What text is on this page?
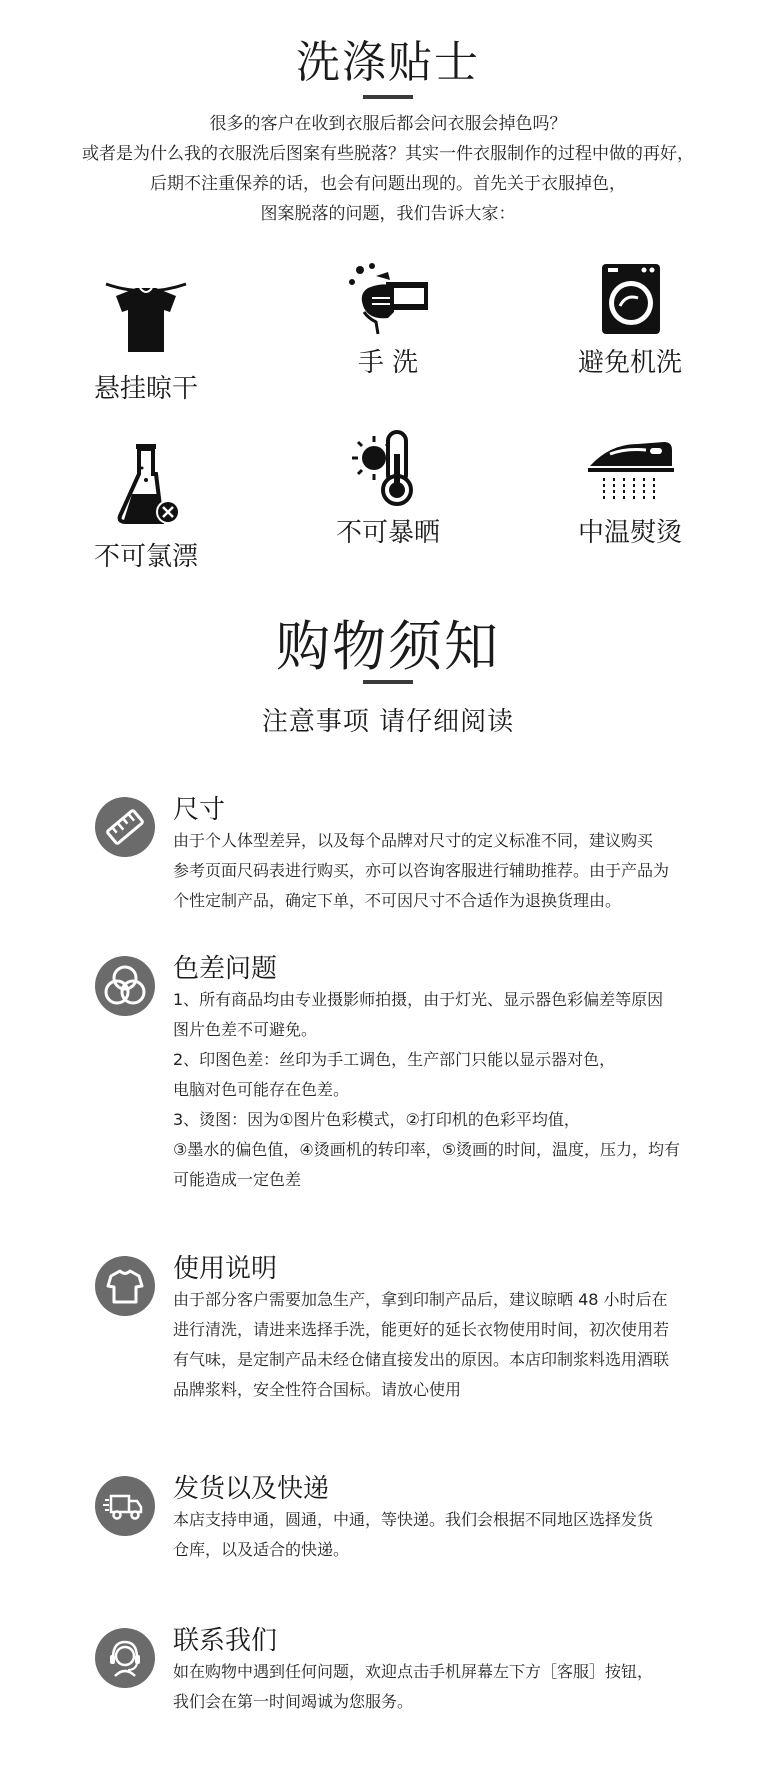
洗涤贴士
很多的客户在收到衣服后都会问衣服会掉色吗？
或者是为什么我的衣服洗后图案有些脱落？其实一件衣服制作的过程中做的再好，
后期不注重保养的话，也会有问题出现的。首先关于衣服掉色，
图案脱落的问题，我们告诉大家：
悬挂晾干
手 洗	避免机洗
不可氯漂
不可暴晒	中温熨烫
购物须知
注意事项 请仔细阅读
尺寸
由于个人体型差异，以及每个品牌对尺寸的定义标准不同，建议购买
参考页面尺码表进行购买，亦可以咨询客服进行辅助推荐。由于产品为
个性定制产品，确定下单，不可因尺寸不合适作为退换货理由。
色差问题
1、所有商品均由专业摄影师拍摄，由于灯光、显示器色彩偏差等原因
图片色差不可避免。
2、印图色差：丝印为手工调色，生产部门只能以显示器对色，
电脑对色可能存在色差。
3、烫图：因为①图片色彩模式，②打印机的色彩平均值，
③墨水的偏色值，④烫画机的转印率，⑤烫画的时间，温度，压力，均有
可能造成一定色差
使用说明
由于部分客户需要加急生产，拿到印制产品后，建议晾晒 48 小时后在
进行清洗，请进来选择手洗，能更好的延长衣物使用时间，初次使用若
有气味，是定制产品未经仓储直接发出的原因。本店印制浆料选用酒联
品牌浆料，安全性符合国标。请放心使用
发货以及快递
本店支持申通，圆通，中通，等快递。我们会根据不同地区选择发货
仓库，以及适合的快递。
联系我们
如在购物中遇到任何问题，欢迎点击手机屏幕左下方［客服］按钮，
我们会在第一时间竭诚为您服务。
